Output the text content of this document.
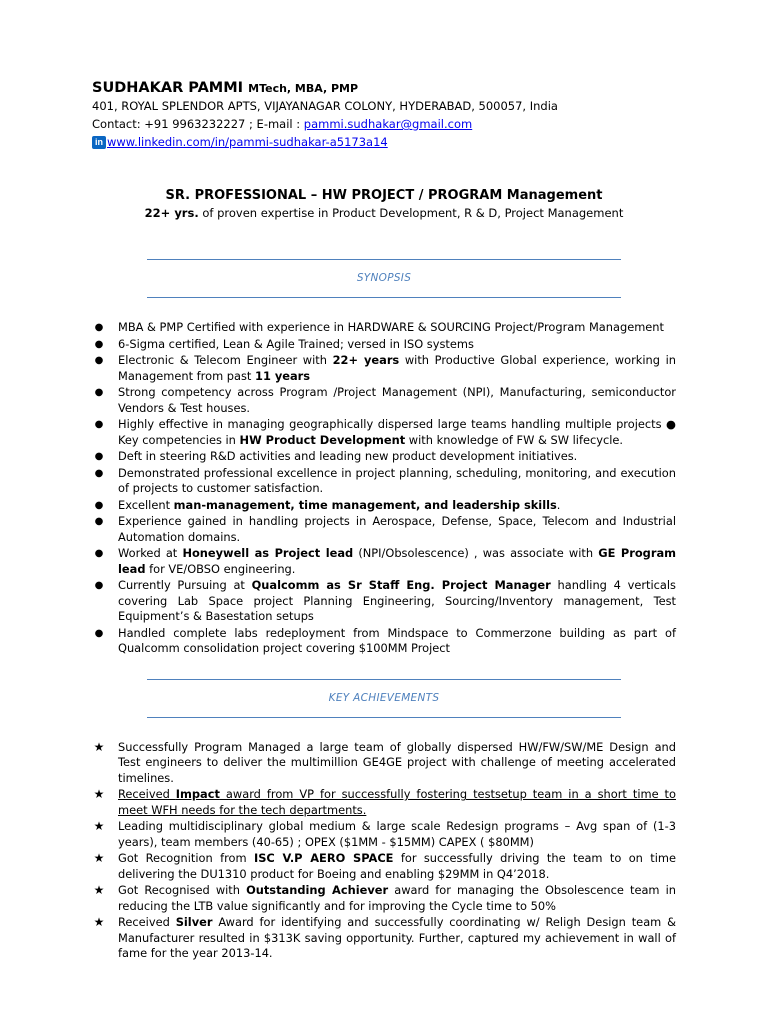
SUDHAKAR PAMMI MTech, MBA, PMP
401, ROYAL SPLENDOR APTS, VIJAYANAGAR COLONY, HYDERABAD, 500057, India
Contact: +91 9963232227 ; E-mail : pammi.sudhakar@gmail.com
in www.linkedin.com/in/pammi-sudhakar-a5173a14
SR. PROFESSIONAL – HW PROJECT / PROGRAM Management
22+ yrs. of proven expertise in Product Development, R & D, Project Management
SYNOPSIS
● MBA & PMP Certified with experience in HARDWARE & SOURCING Project/Program Management
● 6-Sigma certified, Lean & Agile Trained; versed in ISO systems
● Electronic & Telecom Engineer with 22+ years with Productive Global experience, working in Management from past 11 years
● Strong competency across Program /Project Management (NPI), Manufacturing, semiconductor Vendors & Test houses.
● Highly effective in managing geographically dispersed large teams handling multiple projects ● Key competencies in HW Product Development with knowledge of FW & SW lifecycle.
● Deft in steering R&D activities and leading new product development initiatives.
● Demonstrated professional excellence in project planning, scheduling, monitoring, and execution of projects to customer satisfaction.
● Excellent man-management, time management, and leadership skills.
● Experience gained in handling projects in Aerospace, Defense, Space, Telecom and Industrial Automation domains.
● Worked at Honeywell as Project lead (NPI/Obsolescence) , was associate with GE Program lead for VE/OBSO engineering.
● Currently Pursuing at Qualcomm as Sr Staff Eng. Project Manager handling 4 verticals covering Lab Space project Planning Engineering, Sourcing/Inventory management, Test Equipment’s & Basestation setups
● Handled complete labs redeployment from Mindspace to Commerzone building as part of Qualcomm consolidation project covering $100MM Project
KEY ACHIEVEMENTS
★ Successfully Program Managed a large team of globally dispersed HW/FW/SW/ME Design and Test engineers to deliver the multimillion GE4GE project with challenge of meeting accelerated timelines.
★ Received Impact award from VP for successfully fostering testsetup team in a short time to meet WFH needs for the tech departments.
★ Leading multidisciplinary global medium & large scale Redesign programs – Avg span of (1-3 years), team members (40-65) ; OPEX ($1MM - $15MM) CAPEX ( $80MM)
★ Got Recognition from ISC V.P AERO SPACE for successfully driving the team to on time delivering the DU1310 product for Boeing and enabling $29MM in Q4’2018.
★ Got Recognised with Outstanding Achiever award for managing the Obsolescence team in reducing the LTB value significantly and for improving the Cycle time to 50%
★ Received Silver Award for identifying and successfully coordinating w/ Religh Design team & Manufacturer resulted in $313K saving opportunity. Further, captured my achievement in wall of fame for the year 2013-14.
